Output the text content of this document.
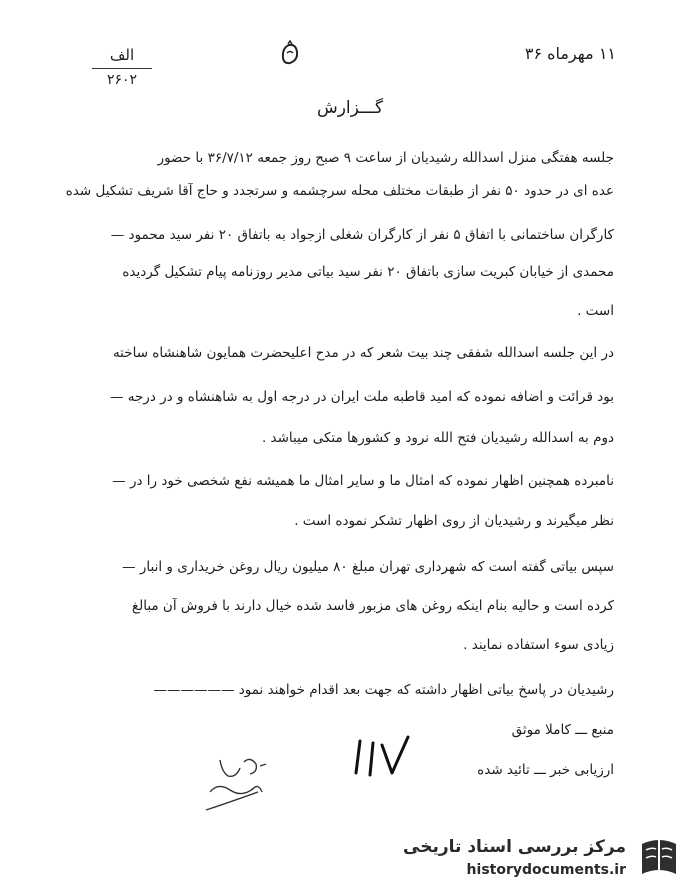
الف
۲۶۰۲
۱۱ مهرماه ۳۶
گـــزارش
جلسه هفتگی منزل اسدالله رشیدیان از ساعت ۹ صبح روز جمعه ۳۶/۷/۱۲ با حضور
عده ای در حدود ۵۰ نفر از طبقات مختلف محله سرچشمه و سرتجدد و حاج آقا شریف تشکیل شده
کارگران ساختمانی با اتفاق ۵ نفر از کارگران شغلی ازجواد به باتفاق ۲۰ نفر سید محمود —
محمدی از خیابان کبریت سازی باتفاق ۲۰ نفر سید بیاتی مدیر روزنامه پیام تشکیل گردیده
است .
در این جلسه اسدالله شفقی چند بیت شعر که در مدح اعلیحضرت همایون شاهنشاه ساخته
بود قرائت و اضافه نموده که امید قاطبه ملت ایران در درجه اول به شاهنشاه و در درجه —
دوم به اسدالله رشیدیان فتح الله نرود و کشورها متکی میباشد .
نامبرده همچنین اظهار نموده که امثال ما و سایر امثال ما همیشه نفع شخصی خود را در —
نظر میگیرند و رشیدیان از روی اظهار تشکر نموده است .
سپس بیاتی گفته است که شهرداری تهران مبلغ ۸۰ میلیون ریال روغن خریداری و انبار —
کرده است و حالیه بنام اینکه روغن های مزبور فاسد شده خیال دارند با فروش آن مبالغ
زیادی سوء استفاده نمایند .
رشیدیان در پاسخ بیاتی اظهار داشته که جهت بعد اقدام خواهند نمود ——————
منبع ـــ کاملا موثق
ارزیابی خبر ـــ تائید شده
مرکز بررسی اسناد تاریخی
historydocuments.ir
